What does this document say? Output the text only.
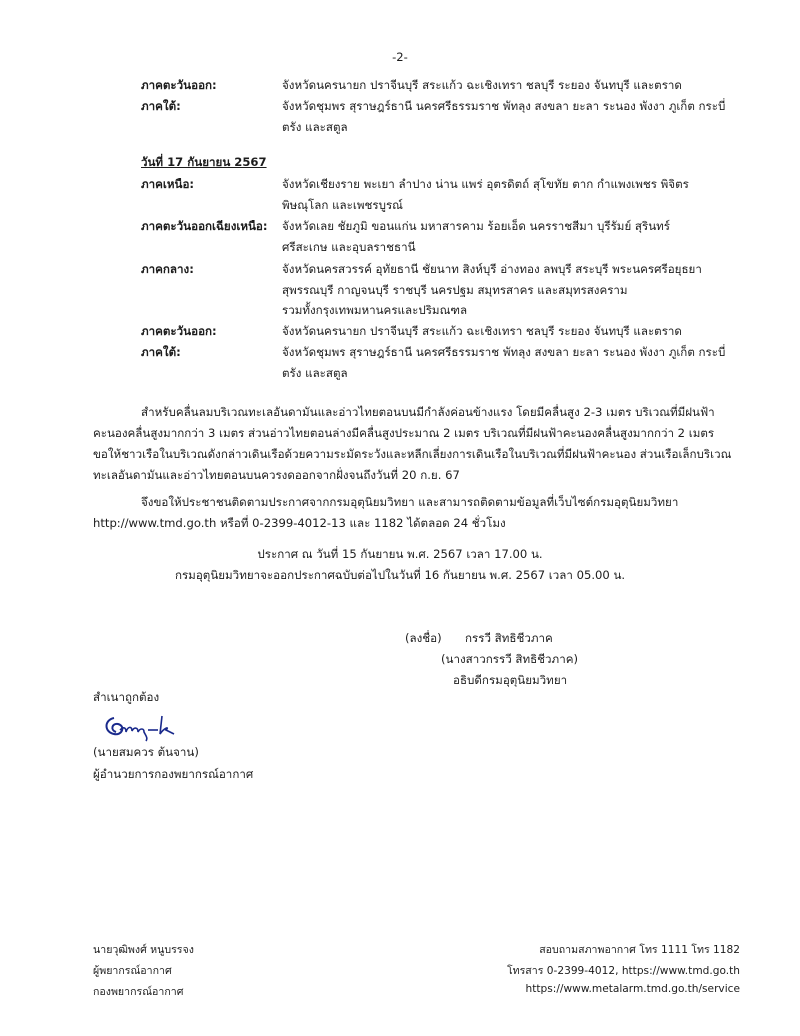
-2-
ภาคตะวันออก:	จังหวัดนครนายก ปราจีนบุรี สระแก้ว ฉะเชิงเทรา ชลบุรี ระยอง จันทบุรี และตราด
ภาคใต้:	จังหวัดชุมพร สุราษฎร์ธานี นครศรีธรรมราช พัทลุง สงขลา ยะลา ระนอง พังงา ภูเก็ต กระบี่
ตรัง และสตูล
วันที่ 17 กันยายน 2567
ภาคเหนือ:	จังหวัดเชียงราย พะเยา ลำปาง น่าน แพร่ อุตรดิตถ์ สุโขทัย ตาก กำแพงเพชร พิจิตร
พิษณุโลก และเพชรบูรณ์
ภาคตะวันออกเฉียงเหนือ: จังหวัดเลย ชัยภูมิ ขอนแก่น มหาสารคาม ร้อยเอ็ด นครราชสีมา บุรีรัมย์ สุรินทร์
ศรีสะเกษ และอุบลราชธานี
ภาคกลาง:	จังหวัดนครสวรรค์ อุทัยธานี ชัยนาท สิงห์บุรี อ่างทอง ลพบุรี สระบุรี พระนครศรีอยุธยา
สุพรรณบุรี กาญจนบุรี ราชบุรี นครปฐม สมุทรสาคร และสมุทรสงคราม
รวมทั้งกรุงเทพมหานครและปริมณฑล
ภาคตะวันออก:	จังหวัดนครนายก ปราจีนบุรี สระแก้ว ฉะเชิงเทรา ชลบุรี ระยอง จันทบุรี และตราด
ภาคใต้:	จังหวัดชุมพร สุราษฎร์ธานี นครศรีธรรมราช พัทลุง สงขลา ยะลา ระนอง พังงา ภูเก็ต กระบี่
ตรัง และสตูล
สำหรับคลื่นลมบริเวณทะเลอันดามันและอ่าวไทยตอนบนมีกำลังค่อนข้างแรง โดยมีคลื่นสูง 2-3 เมตร บริเวณที่มีฝนฟ้า
คะนองคลื่นสูงมากกว่า 3 เมตร ส่วนอ่าวไทยตอนล่างมีคลื่นสูงประมาณ 2 เมตร บริเวณที่มีฝนฟ้าคะนองคลื่นสูงมากกว่า 2 เมตร
ขอให้ชาวเรือในบริเวณดังกล่าวเดินเรือด้วยความระมัดระวังและหลีกเลี่ยงการเดินเรือในบริเวณที่มีฝนฟ้าคะนอง ส่วนเรือเล็กบริเวณ
ทะเลอันดามันและอ่าวไทยตอนบนควรงดออกจากฝั่งจนถึงวันที่ 20 ก.ย. 67
จึงขอให้ประชาชนติดตามประกาศจากกรมอุตุนิยมวิทยา และสามารถติดตามข้อมูลที่เว็บไซต์กรมอุตุนิยมวิทยา
http://www.tmd.go.th หรือที่ 0-2399-4012-13 และ 1182 ได้ตลอด 24 ชั่วโมง
ประกาศ ณ วันที่ 15 กันยายน พ.ศ. 2567 เวลา 17.00 น.
กรมอุตุนิยมวิทยาจะออกประกาศฉบับต่อไปในวันที่ 16 กันยายน พ.ศ. 2567 เวลา 05.00 น.
(ลงชื่อ) กรรวี สิทธิชีวภาค
(นางสาวกรรวี สิทธิชีวภาค)
อธิบดีกรมอุตุนิยมวิทยา
สำเนาถูกต้อง
(นายสมควร ต้นจาน)
ผู้อำนวยการกองพยากรณ์อากาศ
นายวุฒิพงศ์ หนูบรรจง
ผู้พยากรณ์อากาศ
กองพยากรณ์อากาศ
สอบถามสภาพอากาศ โทร 1111 โทร 1182
โทรสาร 0-2399-4012, https://www.tmd.go.th
https://www.metalarm.tmd.go.th/service
